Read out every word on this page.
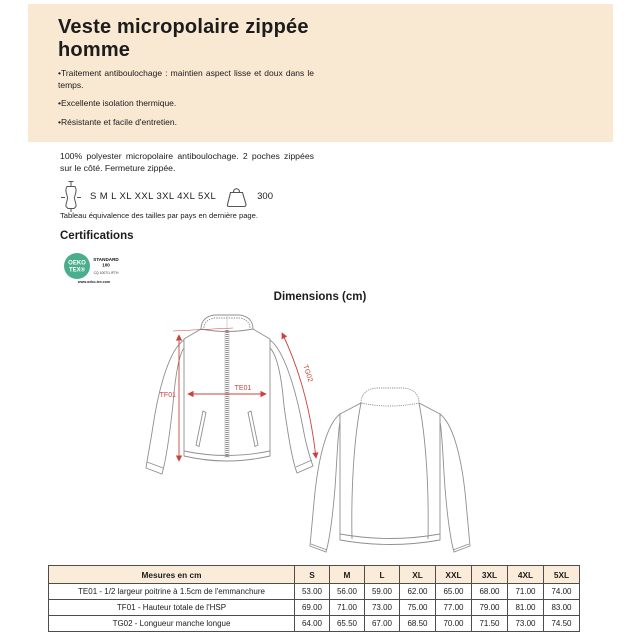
Veste micropolaire zippée
homme

•Traitement antiboulochage : maintien aspect lisse et doux dans le temps.

•Excellente isolation thermique.

•Résistante et facile d'entretien.

100% polyester micropolaire antiboulochage. 2 poches zippées sur le côté. Fermeture zippée.

S M L XL XXL 3XL 4XL 5XL	300

Tableau équivalence des tailles par pays en dernière page.

Certifications
OEKO
TEX®
STANDARD
100
CQ 1007/1 IFTH
www.oeko-tex.com
Dimensions (cm)
TF01
TE01
TG02
Mesures en cm	S	M	L	XL	XXL	3XL	4XL	5XL
TE01 - 1/2 largeur poitrine à 1.5cm de l'emmanchure	53.00	56.00	59.00	62.00	65.00	68.00	71.00	74.00
TF01 - Hauteur totale de l'HSP	69.00	71.00	73.00	75.00	77.00	79.00	81.00	83.00
TG02 - Longueur manche longue	64.00	65.50	67.00	68.50	70.00	71.50	73.00	74.50
